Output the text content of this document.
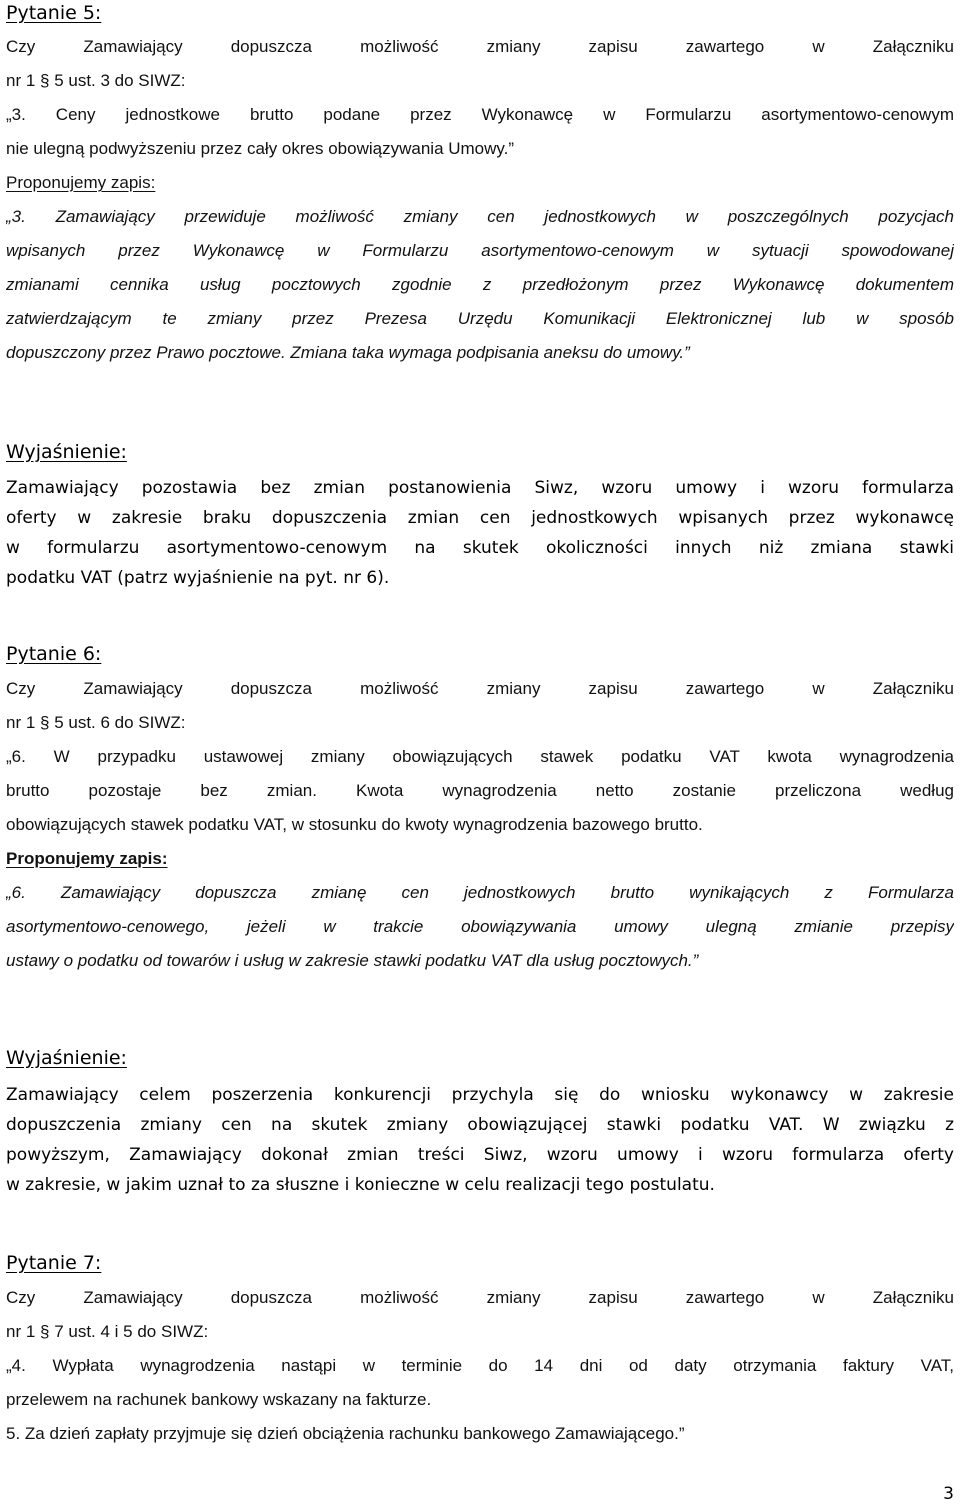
Pytanie 5:
Czy Zamawiający dopuszcza możliwość zmiany zapisu zawartego w Załączniku
nr 1 § 5 ust. 3 do SIWZ:
„3. Ceny jednostkowe brutto podane przez Wykonawcę w Formularzu asortymentowo-cenowym
nie ulegną podwyższeniu przez cały okres obowiązywania Umowy.”
Proponujemy zapis:
„3. Zamawiający przewiduje możliwość zmiany cen jednostkowych w poszczególnych pozycjach
wpisanych przez Wykonawcę w Formularzu asortymentowo-cenowym w sytuacji spowodowanej
zmianami cennika usług pocztowych zgodnie z przedłożonym przez Wykonawcę dokumentem
zatwierdzającym te zmiany przez Prezesa Urzędu Komunikacji Elektronicznej lub w sposób
dopuszczony przez Prawo pocztowe. Zmiana taka wymaga podpisania aneksu do umowy.”
Wyjaśnienie:
Zamawiający pozostawia bez zmian postanowienia Siwz, wzoru umowy i wzoru formularza
oferty w zakresie braku dopuszczenia zmian cen jednostkowych wpisanych przez wykonawcę
w formularzu asortymentowo-cenowym na skutek okoliczności innych niż zmiana stawki
podatku VAT (patrz wyjaśnienie na pyt. nr 6).
Pytanie 6:
Czy Zamawiający dopuszcza możliwość zmiany zapisu zawartego w Załączniku
nr 1 § 5 ust. 6 do SIWZ:
„6. W przypadku ustawowej zmiany obowiązujących stawek podatku VAT kwota wynagrodzenia
brutto pozostaje bez zmian. Kwota wynagrodzenia netto zostanie przeliczona według
obowiązujących stawek podatku VAT, w stosunku do kwoty wynagrodzenia bazowego brutto.
Proponujemy zapis:
„6. Zamawiający dopuszcza zmianę cen jednostkowych brutto wynikających z Formularza
asortymentowo-cenowego, jeżeli w trakcie obowiązywania umowy ulegną zmianie przepisy
ustawy o podatku od towarów i usług w zakresie stawki podatku VAT dla usług pocztowych.”
Wyjaśnienie:
Zamawiający celem poszerzenia konkurencji przychyla się do wniosku wykonawcy w zakresie
dopuszczenia zmiany cen na skutek zmiany obowiązującej stawki podatku VAT. W związku z
powyższym, Zamawiający dokonał zmian treści Siwz, wzoru umowy i wzoru formularza oferty
w zakresie, w jakim uznał to za słuszne i konieczne w celu realizacji tego postulatu.
Pytanie 7:
Czy Zamawiający dopuszcza możliwość zmiany zapisu zawartego w Załączniku
nr 1 § 7 ust. 4 i 5 do SIWZ:
„4. Wypłata wynagrodzenia nastąpi w terminie do 14 dni od daty otrzymania faktury VAT,
przelewem na rachunek bankowy wskazany na fakturze.
5. Za dzień zapłaty przyjmuje się dzień obciążenia rachunku bankowego Zamawiającego.”
3
